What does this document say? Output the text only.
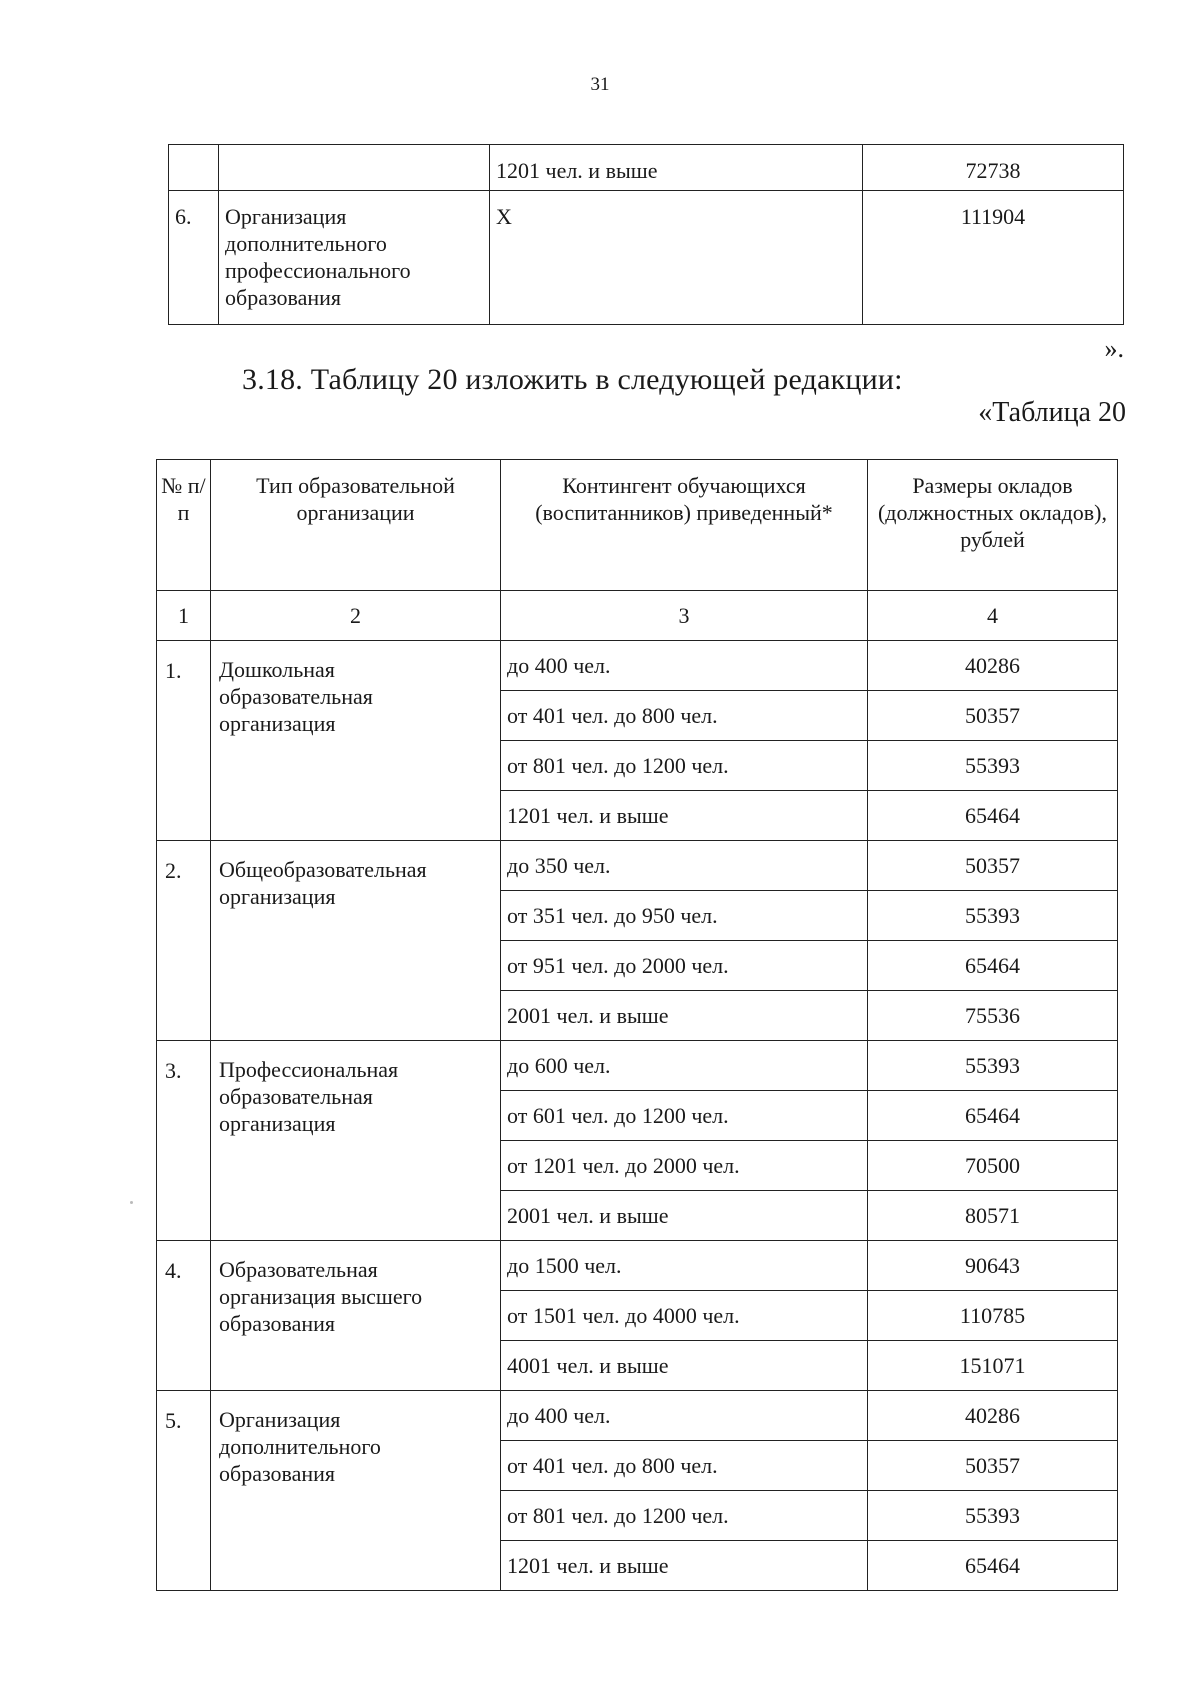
31
		1201 чел. и выше	72738
6.	Организация дополнительного профессионального образования	Х	111904
».
3.18. Таблицу 20 изложить в следующей редакции:
«Таблица 20
№ п/п	Тип образовательной организации	Контингент обучающихся (воспитанников) приведенный*	Размеры окладов (должностных окладов), рублей
1	2	3	4
1.	Дошкольная образовательная организация	до 400 чел.	40286
		от 401 чел. до 800 чел.	50357
		от 801 чел. до 1200 чел.	55393
		1201 чел. и выше	65464
2.	Общеобразовательная организация	до 350 чел.	50357
		от 351 чел. до 950 чел.	55393
		от 951 чел. до 2000 чел.	65464
		2001 чел. и выше	75536
3.	Профессиональная образовательная организация	до 600 чел.	55393
		от 601 чел. до 1200 чел.	65464
		от 1201 чел. до 2000 чел.	70500
		2001 чел. и выше	80571
4.	Образовательная организация высшего образования	до 1500 чел.	90643
		от 1501 чел. до 4000 чел.	110785
		4001 чел. и выше	151071
5.	Организация дополнительного образования	до 400 чел.	40286
		от 401 чел. до 800 чел.	50357
		от 801 чел. до 1200 чел.	55393
		1201 чел. и выше	65464
